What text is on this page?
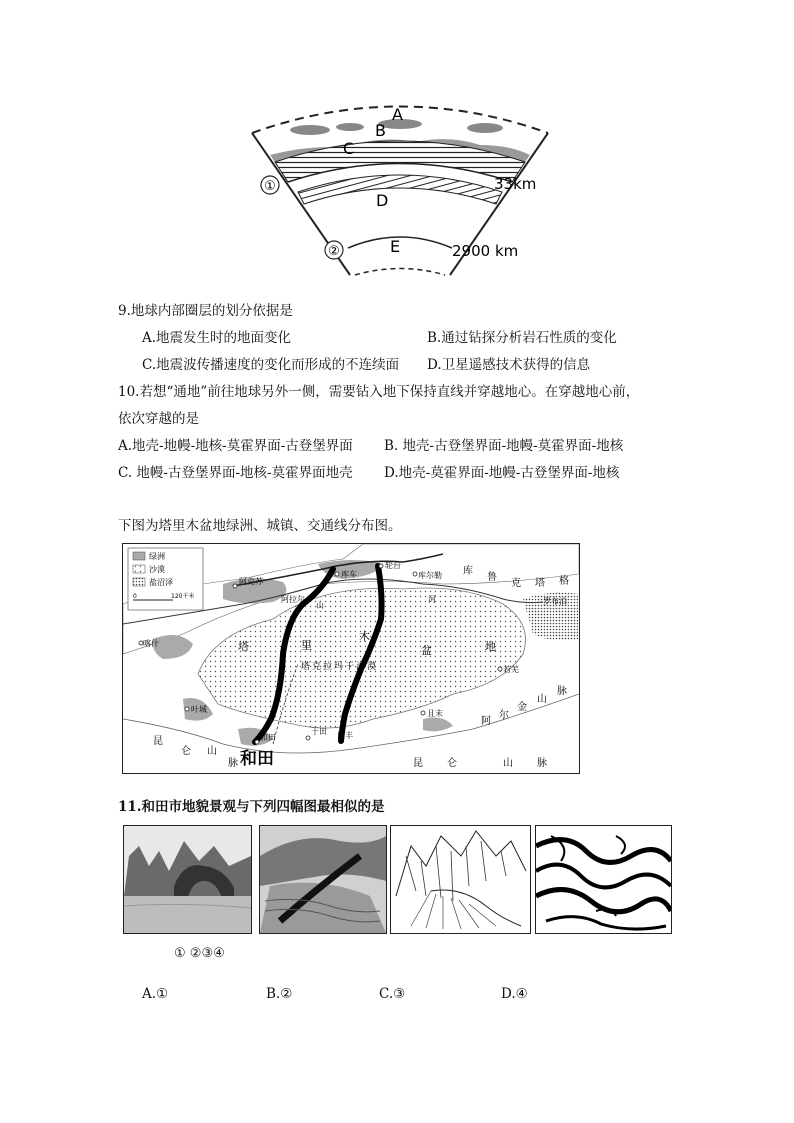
①
②
A
B
C
D
E
33km
2900 km
9.地球内部圈层的划分依据是
A.地震发生时的地面变化	B.通过钻探分析岩石性质的变化
C.地震波传播速度的变化而形成的不连续面 D.卫星遥感技术获得的信息
10.若想“通地”前往地球另外一侧，需要钻入地下保持直线并穿越地心。在穿越地心前，
依次穿越的是
A.地壳-地幔-地核-莫霍界面-古登堡界面 B. 地壳-古登堡界面-地幔-莫霍界面-地核
C. 地幔-古登堡界面-地核-莫霍界面地壳 D.地壳-莫霍界面-地幔-古登堡界面-地核
下图为塔里木盆地绿洲、城镇、交通线分布图。
绿洲
沙漠
盐沼泽
0	120千米
阿克苏
阿拉尔
库车
轮台
库尔勒
喀什
叶城
民丰
于田
且末
若羌
罗布泊
河
山
和田
和田
塔	里
木
盆	地
塔克拉玛干沙漠
库
鲁
克 塔 格
阿
尔
金
山
脉
昆 仑	山 脉
昆
仑 山
脉
11.和田市地貌景观与下列四幅图最相似的是
① ②③④
A.①	B.②	C.③	D.④
